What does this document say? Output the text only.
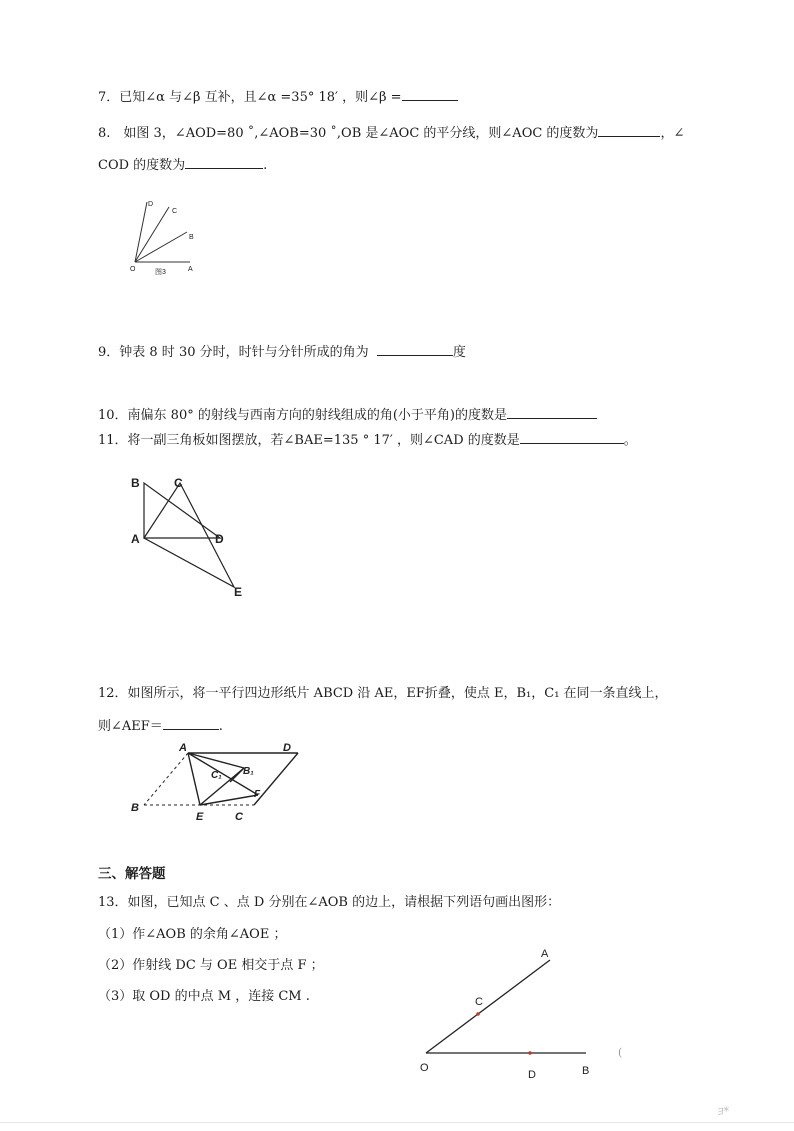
7．已知∠α 与∠β 互补，且∠α =35° 18′ ，则∠β =
8.　如图 3，∠AOD=80 ˚,∠AOB=30 ˚,OB 是∠AOC 的平分线，则∠AOC 的度数为	，∠
COD 的度数为	.
D
C
B
O	图3	A
9．钟表 8 时 30 分时，时针与分针所成的角为	度
10．南偏东 80° 的射线与西南方向的射线组成的角(小于平角)的度数是
11．将一副三角板如图摆放，若∠BAE=135 ° 17′ ，则∠CAD 的度数是	。
B	C
A	D
E
12．如图所示，将一平行四边形纸片 ABCD 沿 AE，EF折叠，使点 E，B₁，C₁ 在同一条直线上，
则∠AEF＝	.
A	D
C₁ B₁
F
B
E	C
三、解答题
13．如图，已知点 C 、点 D 分别在∠AOB 的边上，请根据下列语句画出图形：
（1）作∠AOB 的余角∠AOE ；
（2）作射线 DC 与 OE 相交于点 F ；
（3）取 OD 的中点 M ，连接 CM .
A
C
O
D	B
(
ﾖ*
